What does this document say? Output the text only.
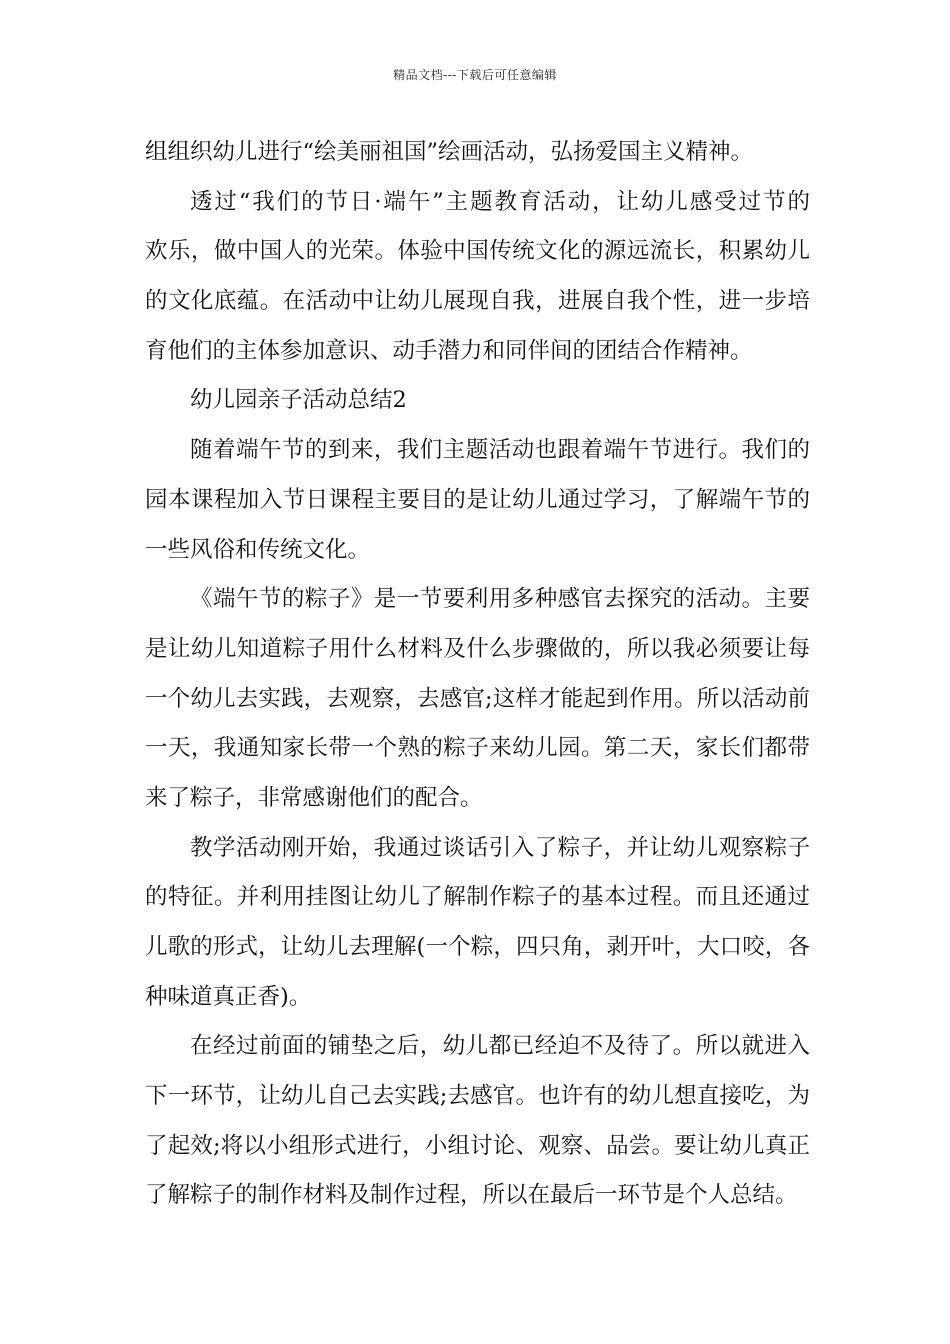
精品文档---下载后可任意编辑
组组织幼儿进行“绘美丽祖国”绘画活动，弘扬爱国主义精神。
透过“我们的节日·端午”主题教育活动，让幼儿感受过节的
欢乐，做中国人的光荣。体验中国传统文化的源远流长，积累幼儿
的文化底蕴。在活动中让幼儿展现自我，进展自我个性，进一步培
育他们的主体参加意识、动手潜力和同伴间的团结合作精神。
幼儿园亲子活动总结2
随着端午节的到来，我们主题活动也跟着端午节进行。我们的
园本课程加入节日课程主要目的是让幼儿通过学习，了解端午节的
一些风俗和传统文化。
《端午节的粽子》是一节要利用多种感官去探究的活动。主要
是让幼儿知道粽子用什么材料及什么步骤做的，所以我必须要让每
一个幼儿去实践，去观察，去感官;这样才能起到作用。所以活动前
一天，我通知家长带一个熟的粽子来幼儿园。第二天，家长们都带
来了粽子，非常感谢他们的配合。
教学活动刚开始，我通过谈话引入了粽子，并让幼儿观察粽子
的特征。并利用挂图让幼儿了解制作粽子的基本过程。而且还通过
儿歌的形式，让幼儿去理解(一个粽，四只角，剥开叶，大口咬，各
种味道真正香)。
在经过前面的铺垫之后，幼儿都已经迫不及待了。所以就进入
下一环节，让幼儿自己去实践;去感官。也许有的幼儿想直接吃，为
了起效;将以小组形式进行，小组讨论、观察、品尝。要让幼儿真正
了解粽子的制作材料及制作过程，所以在最后一环节是个人总结。
